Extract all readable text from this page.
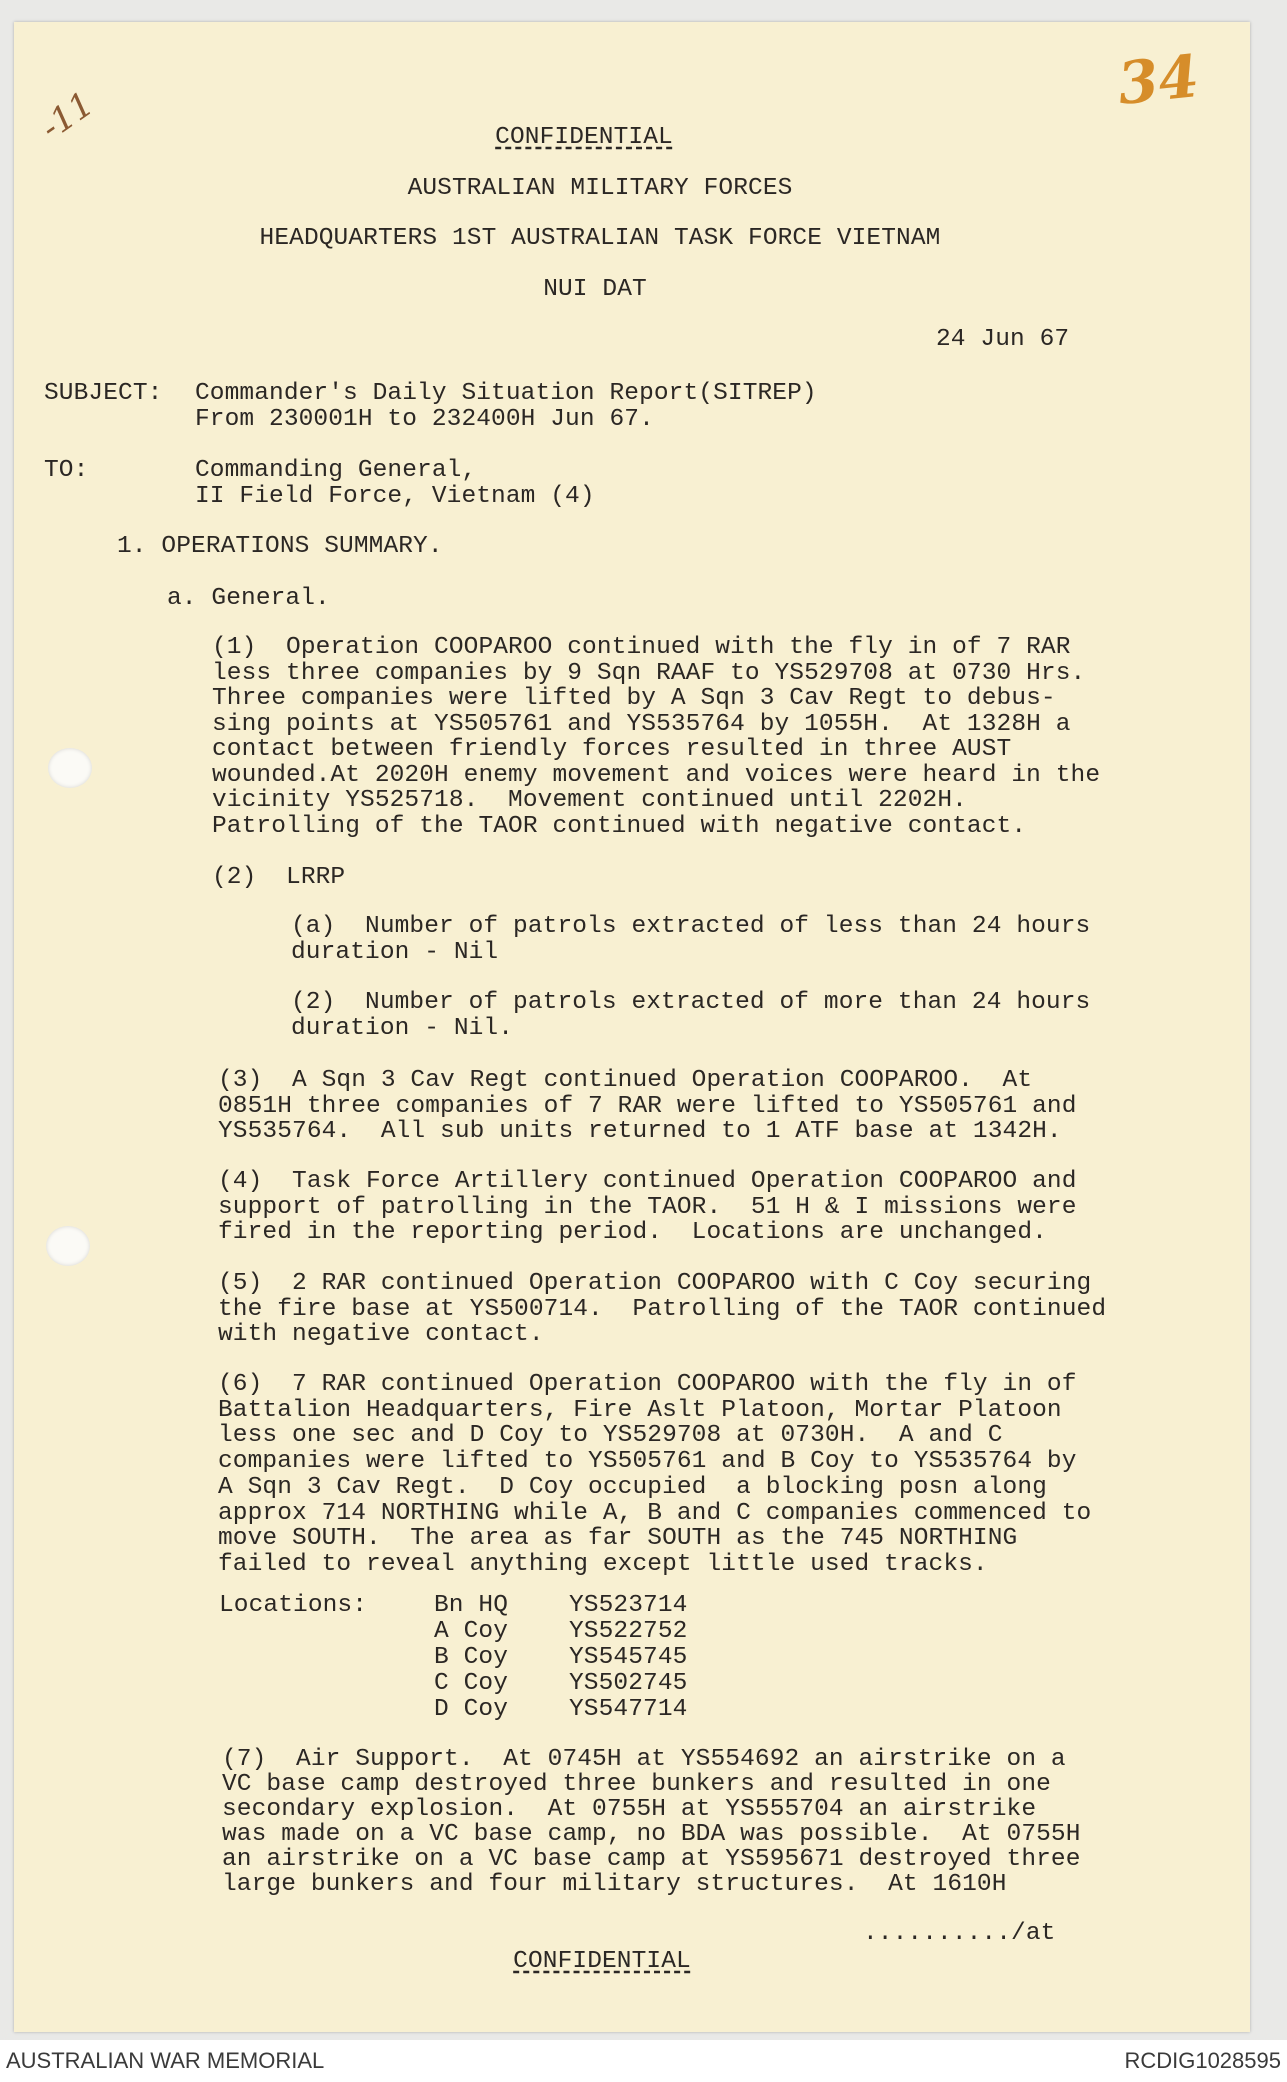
34
-11	CONFIDENTIAL
AUSTRALIAN MILITARY FORCES
HEADQUARTERS 1ST AUSTRALIAN TASK FORCE VIETNAM
NUI DAT
24 Jun 67
SUBJECT: Commander's Daily Situation Report(SITREP)
From 230001H to 232400H Jun 67.
TO:	Commanding General,
II Field Force, Vietnam (4)
1. OPERATIONS SUMMARY.
a. General.
(1)  Operation COOPAROO continued with the fly in of 7 RAR
less three companies by 9 Sqn RAAF to YS529708 at 0730 Hrs.
Three companies were lifted by A Sqn 3 Cav Regt to debus-
sing points at YS505761 and YS535764 by 1055H.  At 1328H a
contact between friendly forces resulted in three AUST
wounded.At 2020H enemy movement and voices were heard in the
vicinity YS525718.  Movement continued until 2202H.
Patrolling of the TAOR continued with negative contact.
(2)  LRRP
(a)  Number of patrols extracted of less than 24 hours
duration - Nil
(2)  Number of patrols extracted of more than 24 hours
duration - Nil.
(3)  A Sqn 3 Cav Regt continued Operation COOPAROO.  At
0851H three companies of 7 RAR were lifted to YS505761 and
YS535764.  All sub units returned to 1 ATF base at 1342H.
(4)  Task Force Artillery continued Operation COOPAROO and
support of patrolling in the TAOR.  51 H & I missions were
fired in the reporting period.  Locations are unchanged.
(5)  2 RAR continued Operation COOPAROO with C Coy securing
the fire base at YS500714.  Patrolling of the TAOR continued
with negative contact.
(6)  7 RAR continued Operation COOPAROO with the fly in of
Battalion Headquarters, Fire Aslt Platoon, Mortar Platoon
less one sec and D Coy to YS529708 at 0730H.  A and C
companies were lifted to YS505761 and B Coy to YS535764 by
A Sqn 3 Cav Regt.  D Coy occupied  a blocking posn along
approx 714 NORTHING while A, B and C companies commenced to
move SOUTH.  The area as far SOUTH as the 745 NORTHING
failed to reveal anything except little used tracks.
Locations:	Bn HQ YS523714
A Coy YS522752
B Coy YS545745
C Coy YS502745
D Coy YS547714
(7)  Air Support.  At 0745H at YS554692 an airstrike on a
VC base camp destroyed three bunkers and resulted in one
secondary explosion.  At 0755H at YS555704 an airstrike
was made on a VC base camp, no BDA was possible.  At 0755H
an airstrike on a VC base camp at YS595671 destroyed three
large bunkers and four military structures.  At 1610H
........../at
CONFIDENTIAL
AUSTRALIAN WAR MEMORIAL	RCDIG1028595
